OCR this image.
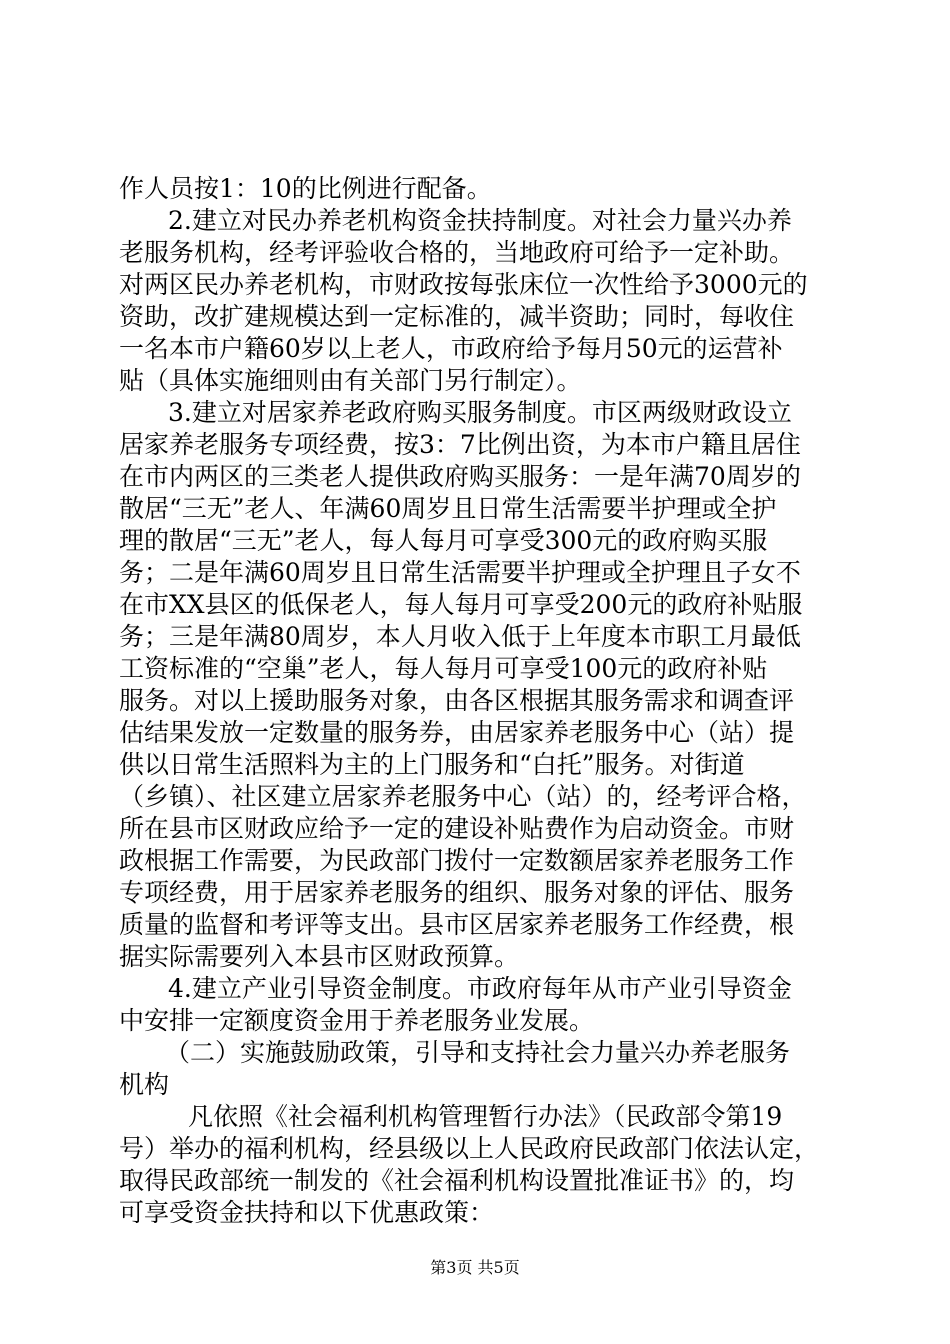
作人员按1：10的比例进行配备。
2.建立对民办养老机构资金扶持制度。对社会力量兴办养
老服务机构，经考评验收合格的，当地政府可给予一定补助。
对两区民办养老机构，市财政按每张床位一次性给予3000元的
资助，改扩建规模达到一定标准的，减半资助；同时，每收住
一名本市户籍60岁以上老人，市政府给予每月50元的运营补
贴（具体实施细则由有关部门另行制定）。
3.建立对居家养老政府购买服务制度。市区两级财政设立
居家养老服务专项经费，按3：7比例出资，为本市户籍且居住
在市内两区的三类老人提供政府购买服务：一是年满70周岁的
散居“三无”老人、年满60周岁且日常生活需要半护理或全护
理的散居“三无”老人，每人每月可享受300元的政府购买服
务；二是年满60周岁且日常生活需要半护理或全护理且子女不
在市XX县区的低保老人，每人每月可享受200元的政府补贴服
务；三是年满80周岁，本人月收入低于上年度本市职工月最低
工资标准的“空巢”老人，每人每月可享受100元的政府补贴
服务。对以上援助服务对象，由各区根据其服务需求和调查评
估结果发放一定数量的服务券，由居家养老服务中心（站）提
供以日常生活照料为主的上门服务和“白托”服务。对街道
（乡镇）、社区建立居家养老服务中心（站）的，经考评合格，
所在县市区财政应给予一定的建设补贴费作为启动资金。市财
政根据工作需要，为民政部门拨付一定数额居家养老服务工作
专项经费，用于居家养老服务的组织、服务对象的评估、服务
质量的监督和考评等支出。县市区居家养老服务工作经费，根
据实际需要列入本县市区财政预算。
4.建立产业引导资金制度。市政府每年从市产业引导资金
中安排一定额度资金用于养老服务业发展。
（二）实施鼓励政策，引导和支持社会力量兴办养老服务
机构
凡依照《社会福利机构管理暂行办法》（民政部令第19
号）举办的福利机构，经县级以上人民政府民政部门依法认定，
取得民政部统一制发的《社会福利机构设置批准证书》的，均
可享受资金扶持和以下优惠政策：
第3页 共5页
